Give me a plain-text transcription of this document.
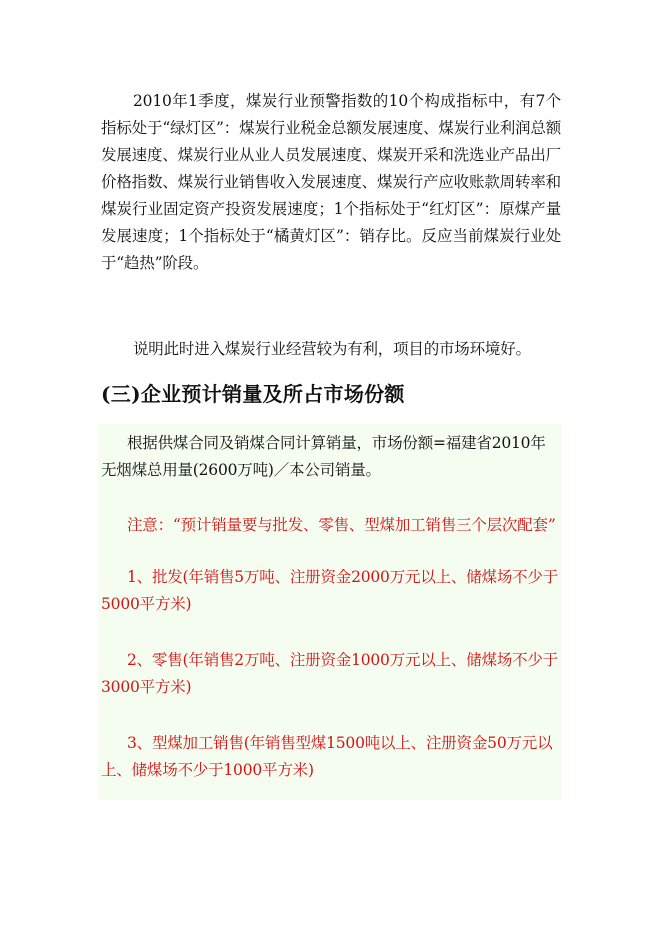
2010年1季度，煤炭行业预警指数的10个构成指标中，有7个指标处于“绿灯区”：煤炭行业税金总额发展速度、煤炭行业利润总额发展速度、煤炭行业从业人员发展速度、煤炭开采和洗选业产品出厂价格指数、煤炭行业销售收入发展速度、煤炭行产应收账款周转率和煤炭行业固定资产投资发展速度；1个指标处于“红灯区”：原煤产量发展速度；1个指标处于“橘黄灯区”：销存比。反应当前煤炭行业处于“趋热”阶段。

说明此时进入煤炭行业经营较为有利，项目的市场环境好。

(三)企业预计销量及所占市场份额

根据供煤合同及销煤合同计算销量，市场份额=福建省2010年无烟煤总用量(2600万吨)／本公司销量。

注意：“预计销量要与批发、零售、型煤加工销售三个层次配套”

1、批发(年销售5万吨、注册资金2000万元以上、储煤场不少于5000平方米)

2、零售(年销售2万吨、注册资金1000万元以上、储煤场不少于3000平方米)

3、型煤加工销售(年销售型煤1500吨以上、注册资金50万元以上、储煤场不少于1000平方米)
